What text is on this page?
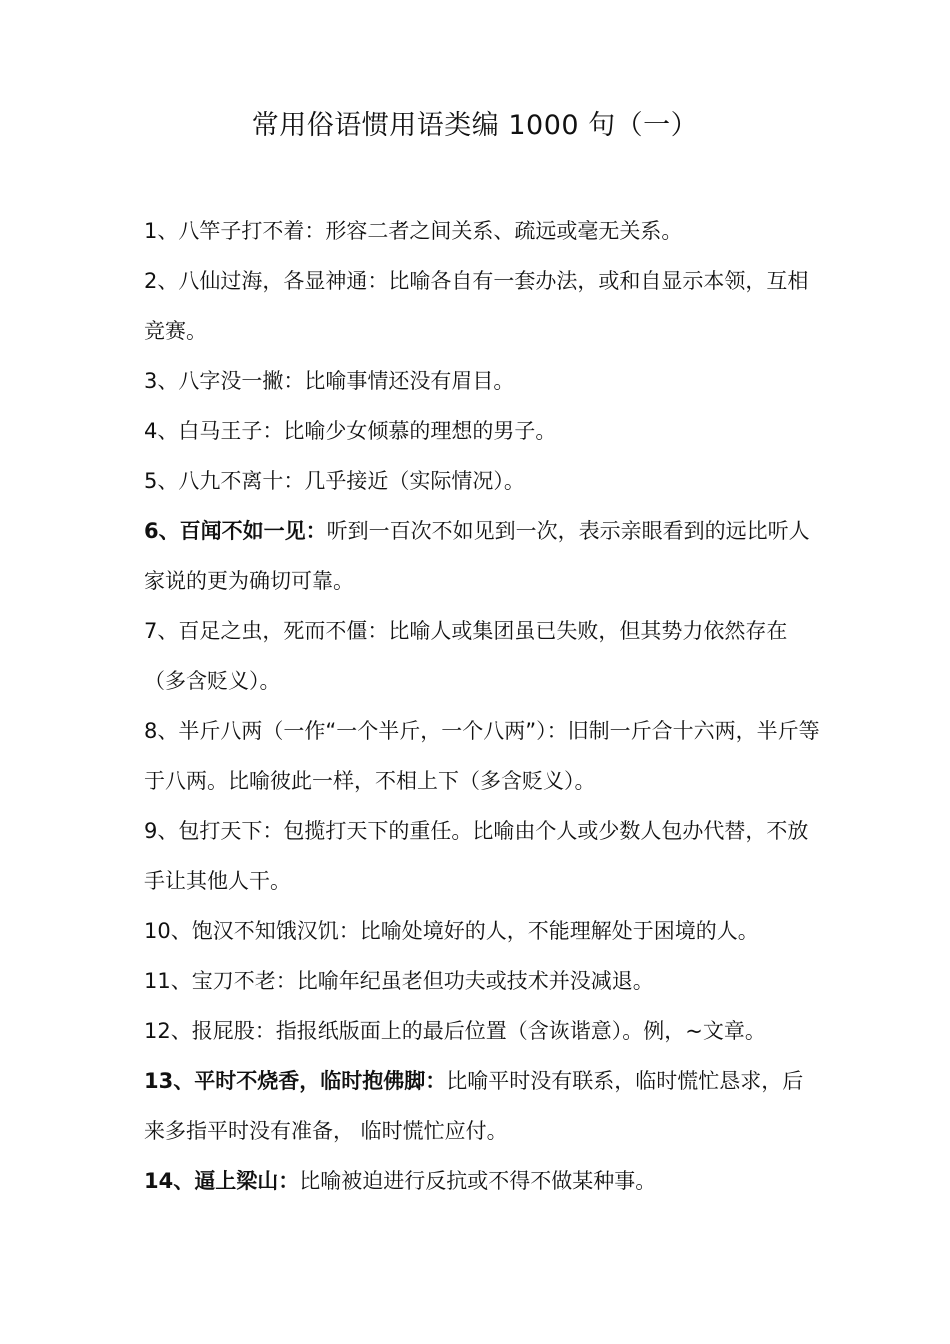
常用俗语惯用语类编 1000 句（一）
1、八竿子打不着：形容二者之间关系、疏远或毫无关系。
2、八仙过海，各显神通：比喻各自有一套办法，或和自显示本领，互相竞赛。
3、八字没一撇：比喻事情还没有眉目。
4、白马王子：比喻少女倾慕的理想的男子。
5、八九不离十：几乎接近（实际情况）。
6、百闻不如一见：听到一百次不如见到一次，表示亲眼看到的远比听人家说的更为确切可靠。
7、百足之虫，死而不僵：比喻人或集团虽已失败，但其势力依然存在（多含贬义）。
8、半斤八两（一作“一个半斤，一个八两”）：旧制一斤合十六两，半斤等于八两。比喻彼此一样，不相上下（多含贬义）。
9、包打天下：包揽打天下的重任。比喻由个人或少数人包办代替，不放手让其他人干。
10、饱汉不知饿汉饥：比喻处境好的人，不能理解处于困境的人。
11、宝刀不老：比喻年纪虽老但功夫或技术并没减退。
12、报屁股：指报纸版面上的最后位置（含诙谐意）。例，~文章。
13、平时不烧香，临时抱佛脚：比喻平时没有联系，临时慌忙恳求，后来多指平时没有准备， 临时慌忙应付。
14、逼上梁山：比喻被迫进行反抗或不得不做某种事。
